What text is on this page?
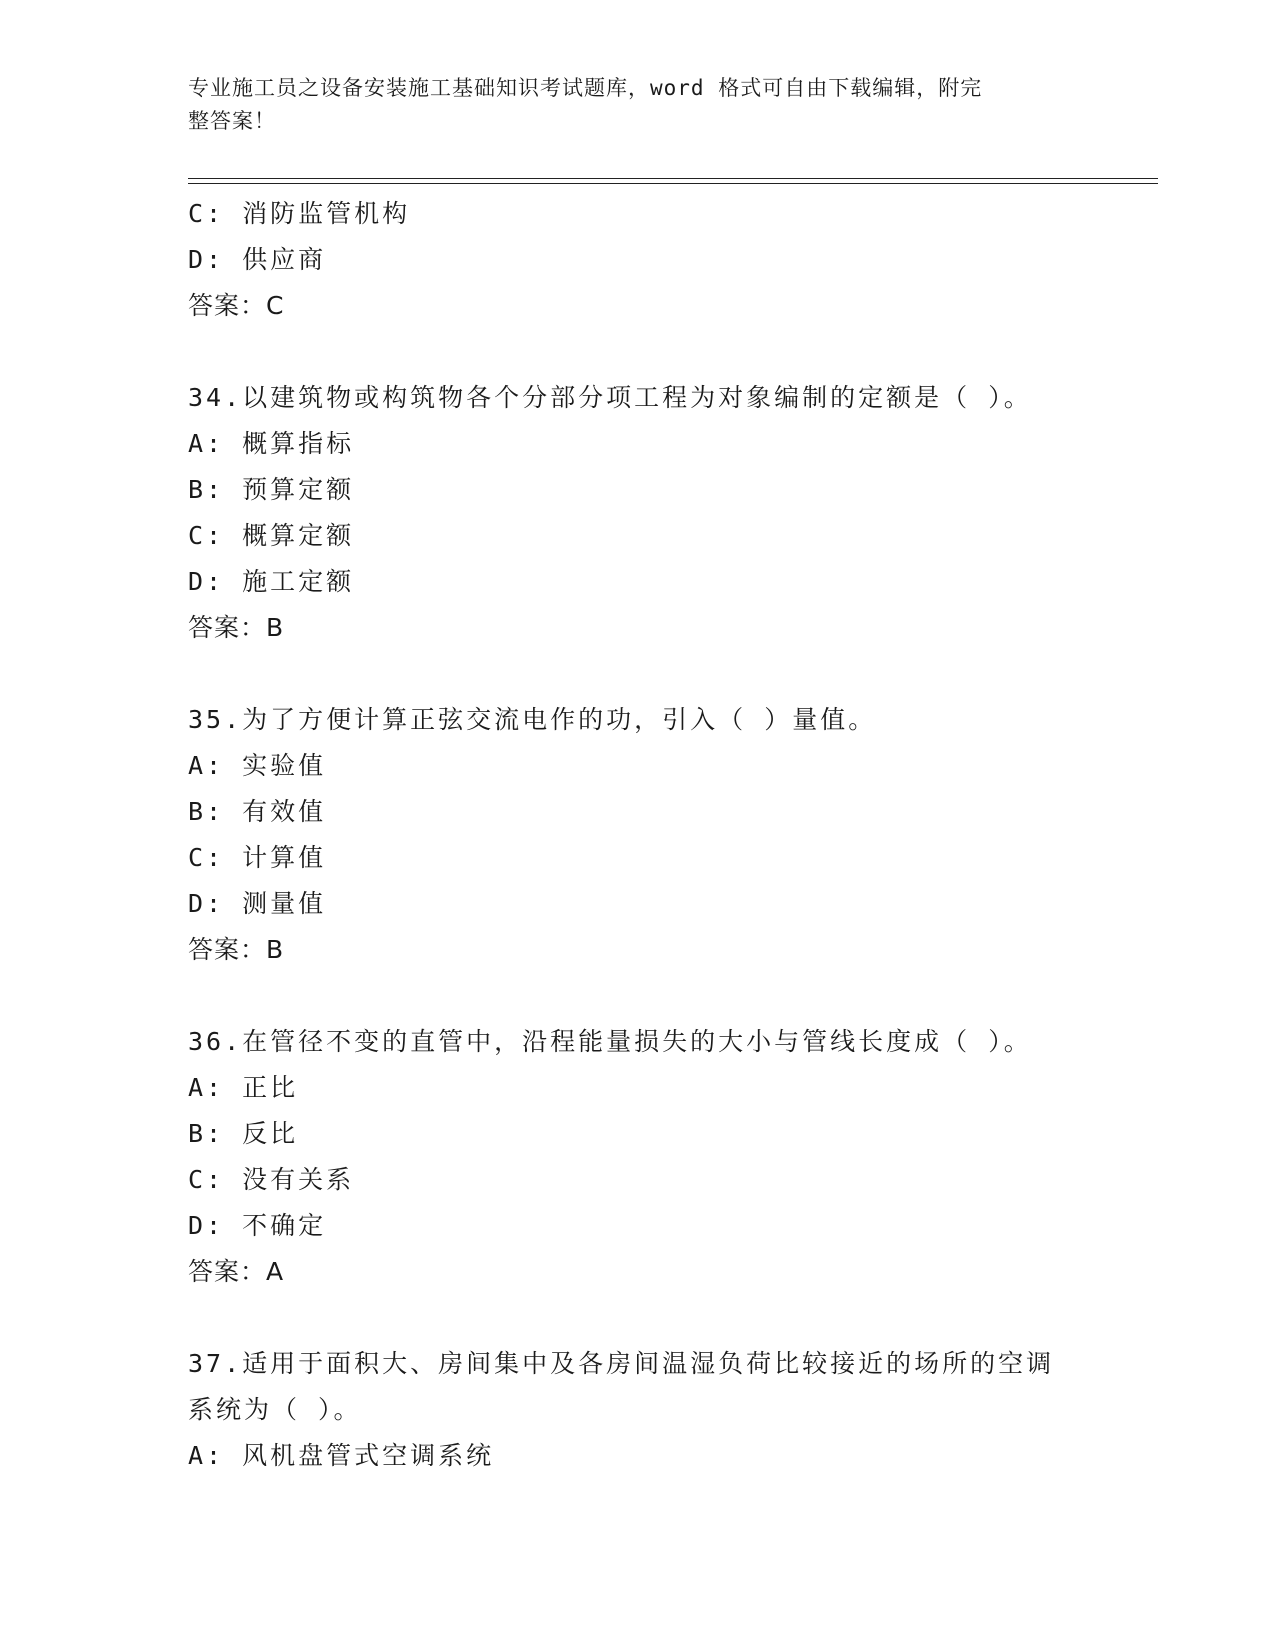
专业施工员之设备安装施工基础知识考试题库，word 格式可自由下载编辑，附完
整答案！
C: 消防监管机构
D: 供应商
答案：C
34.以建筑物或构筑物各个分部分项工程为对象编制的定额是（ ）。
A: 概算指标
B: 预算定额
C: 概算定额
D: 施工定额
答案：B
35.为了方便计算正弦交流电作的功，引入（ ）量值。
A: 实验值
B: 有效值
C: 计算值
D: 测量值
答案：B
36.在管径不变的直管中，沿程能量损失的大小与管线长度成（ ）。
A: 正比
B: 反比
C: 没有关系
D: 不确定
答案：A
37.适用于面积大、房间集中及各房间温湿负荷比较接近的场所的空调
系统为（ ）。
A: 风机盘管式空调系统
